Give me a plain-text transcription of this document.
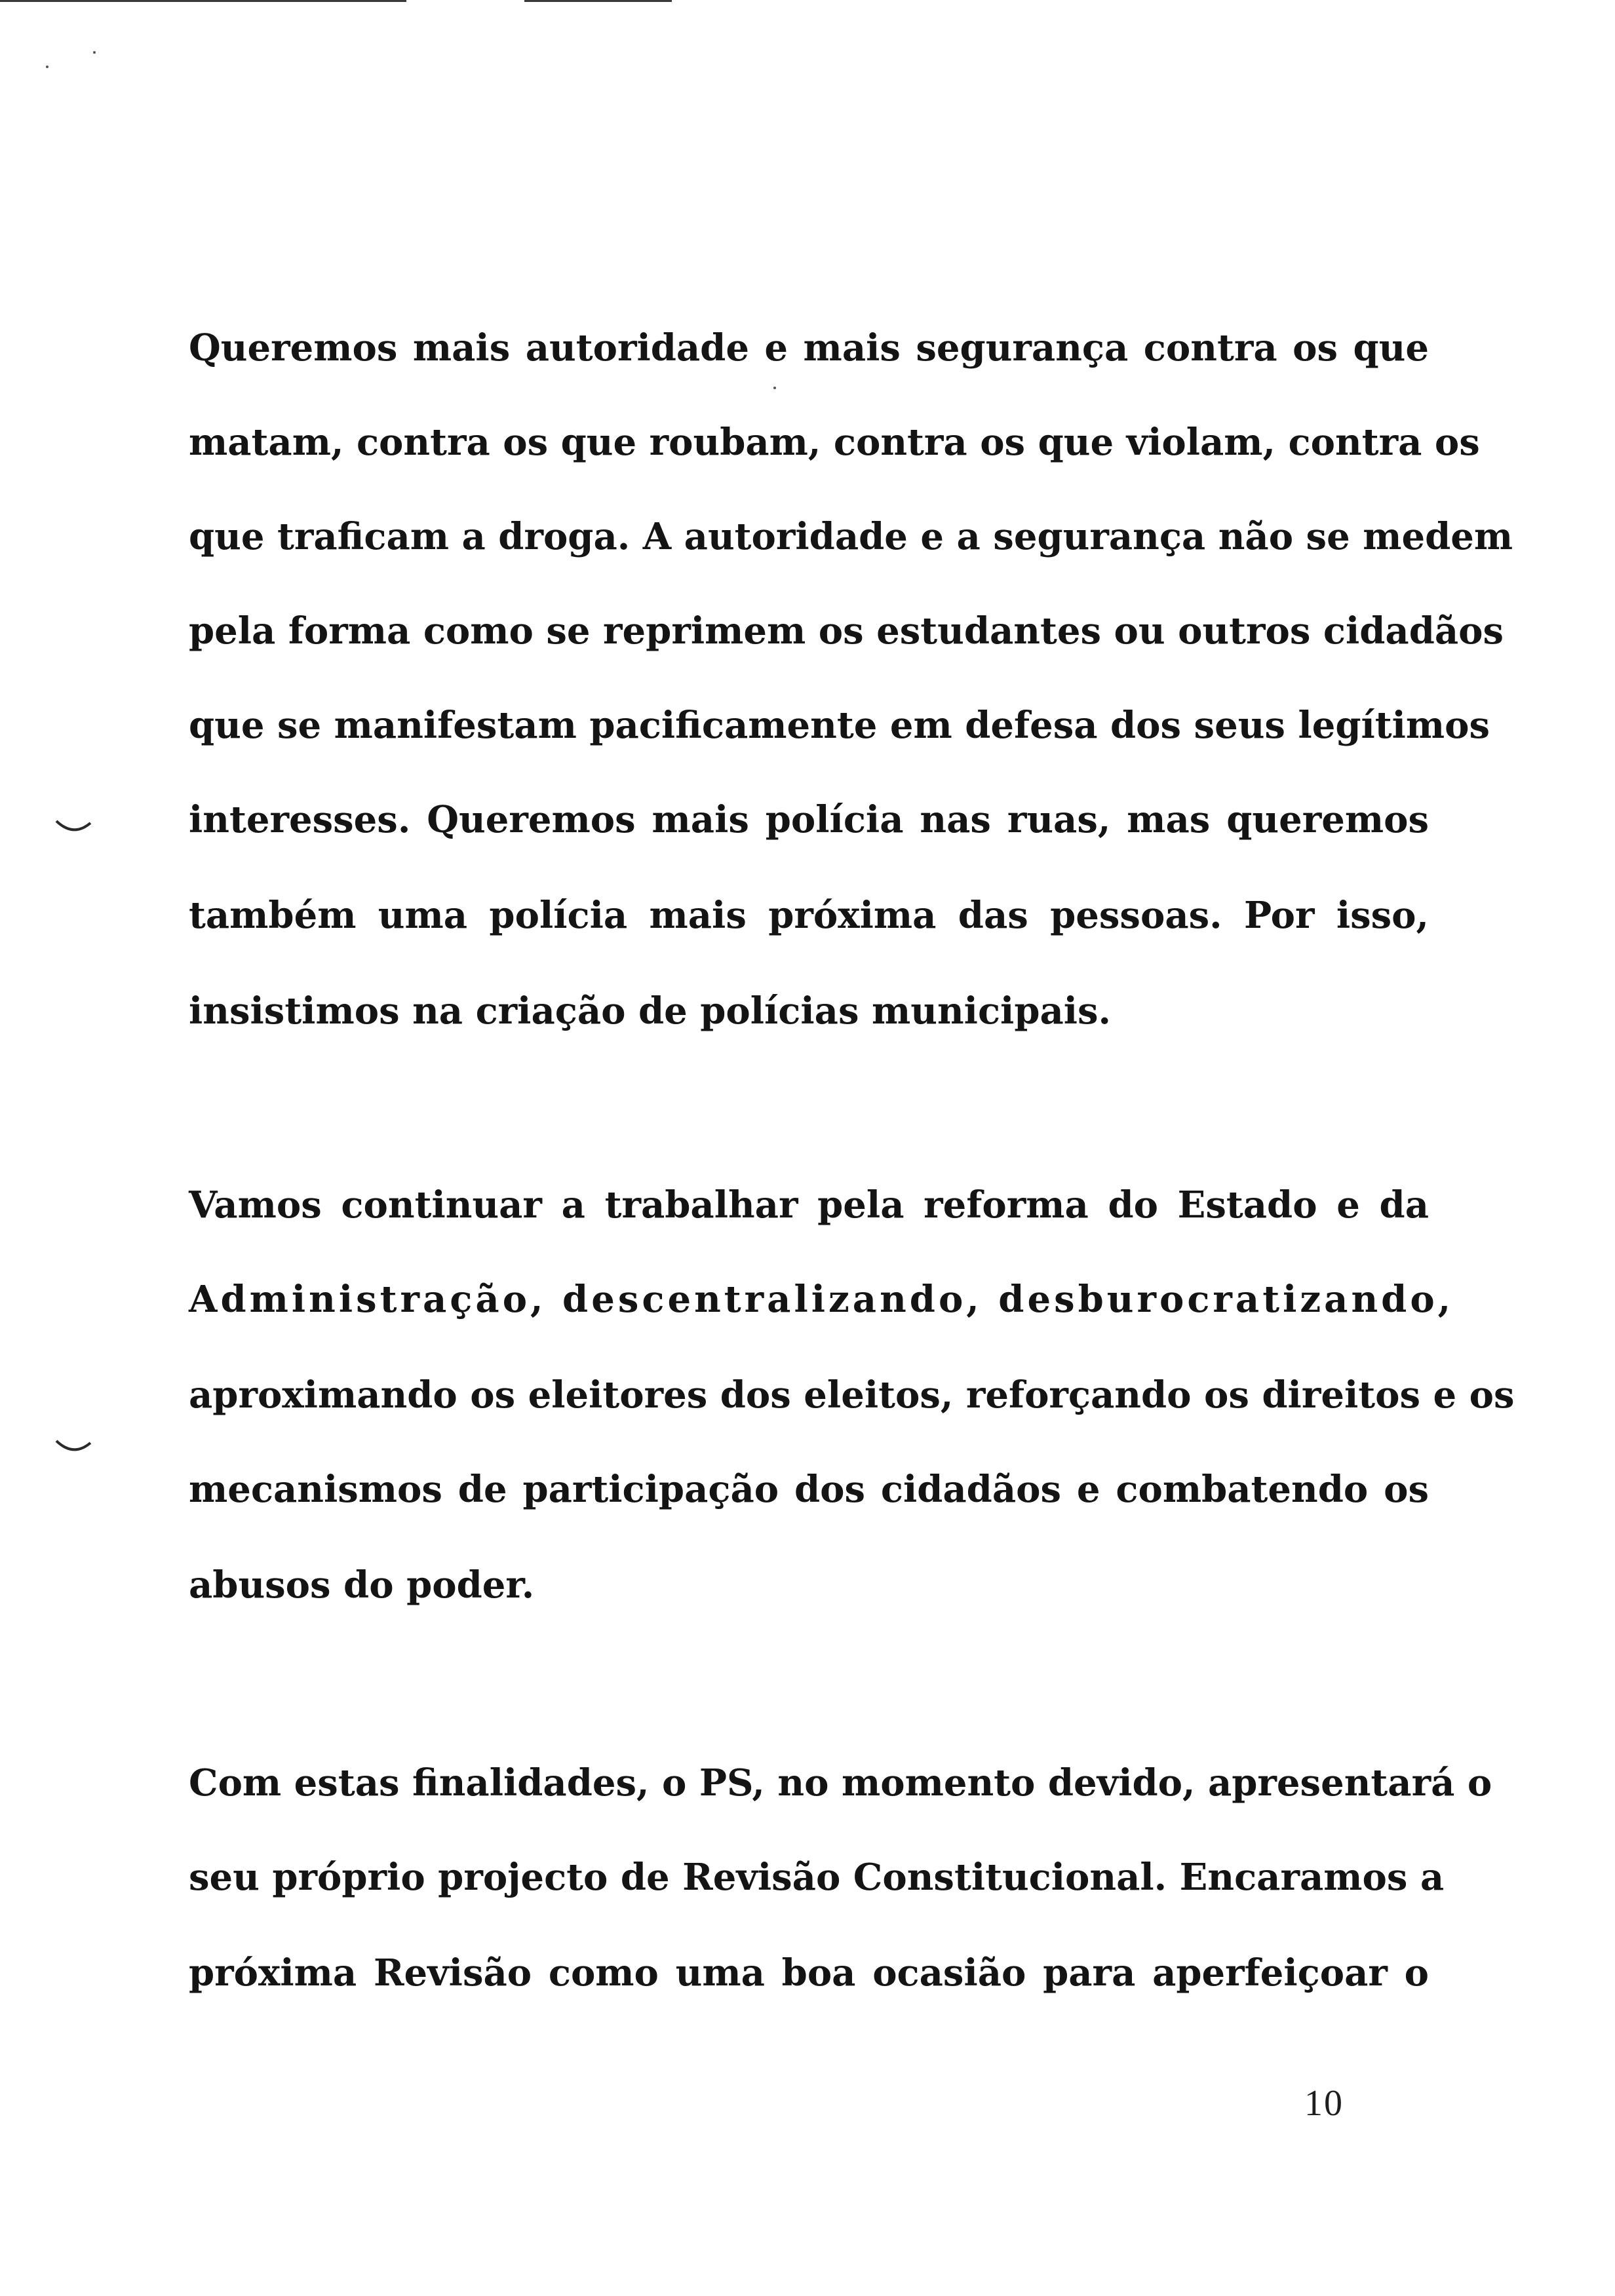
Queremos mais autoridade e mais segurança contra os que
matam, contra os que roubam, contra os que violam, contra os
que traficam a droga. A autoridade e a segurança não se medem
pela forma como se reprimem os estudantes ou outros cidadãos
que se manifestam pacificamente em defesa dos seus legítimos
interesses. Queremos mais polícia nas ruas, mas queremos
também uma polícia mais próxima das pessoas. Por isso,
insistimos na criação de polícias municipais.
Vamos continuar a trabalhar pela reforma do Estado e da
Administração, descentralizando, desburocratizando,
aproximando os eleitores dos eleitos, reforçando os direitos e os
mecanismos de participação dos cidadãos e combatendo os
abusos do poder.
Com estas finalidades, o PS, no momento devido, apresentará o
seu próprio projecto de Revisão Constitucional. Encaramos a
próxima Revisão como uma boa ocasião para aperfeiçoar o
10
